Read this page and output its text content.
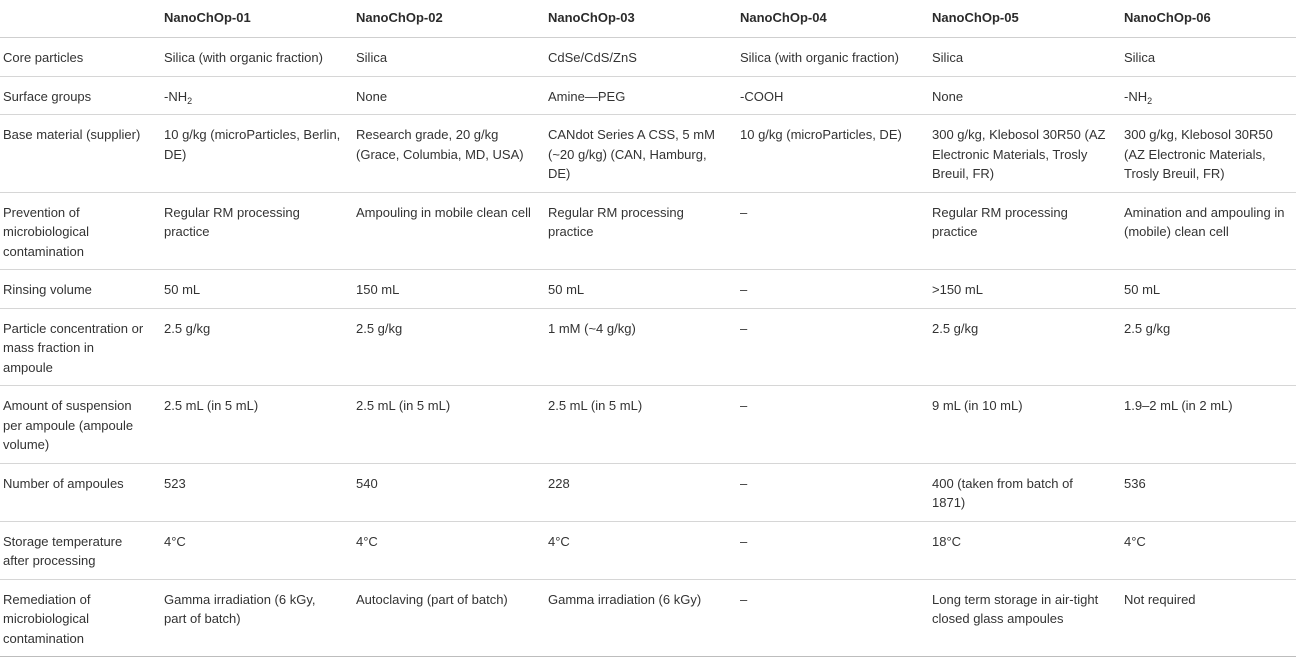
	NanoChOp-01	NanoChOp-02	NanoChOp-03	NanoChOp-04	NanoChOp-05	NanoChOp-06
Core particles	Silica (with organic fraction)	Silica	CdSe/CdS/ZnS	Silica (with organic fraction)	Silica	Silica
Surface groups	$-NH_2$	None	Amine—PEG	-COOH	None	$-NH_2$
Base material (supplier)	10 g/kg (microParticles, Berlin, DE)	Research grade, 20 g/kg (Grace, Columbia, MD, USA)	CANdot Series A CSS, 5 mM (~20 g/kg) (CAN, Hamburg, DE)	10 g/kg (microParticles, DE)	300 g/kg, Klebosol 30R50 (AZ Electronic Materials, Trosly Breuil, FR)	300 g/kg, Klebosol 30R50 (AZ Electronic Materials, Trosly Breuil, FR)
Prevention of microbiological contamination	Regular RM processing practice	Ampouling in mobile clean cell	Regular RM processing practice	–	Regular RM processing practice	Amination and ampouling in (mobile) clean cell
Rinsing volume	50 mL	150 mL	50 mL	–	>150 mL	50 mL
Particle concentration or mass fraction in ampoule	2.5 g/kg	2.5 g/kg	1 mM (~4 g/kg)	–	2.5 g/kg	2.5 g/kg
Amount of suspension per ampoule (ampoule volume)	2.5 mL (in 5 mL)	2.5 mL (in 5 mL)	2.5 mL (in 5 mL)	–	9 mL (in 10 mL)	1.9–2 mL (in 2 mL)
Number of ampoules	523	540	228	–	400 (taken from batch of 1871)	536
Storage temperature after processing	4°C	4°C	4°C	–	18°C	4°C
Remediation of microbiological contamination	Gamma irradiation (6 kGy, part of batch)	Autoclaving (part of batch)	Gamma irradiation (6 kGy)	–	Long term storage in air-tight closed glass ampoules	Not required
